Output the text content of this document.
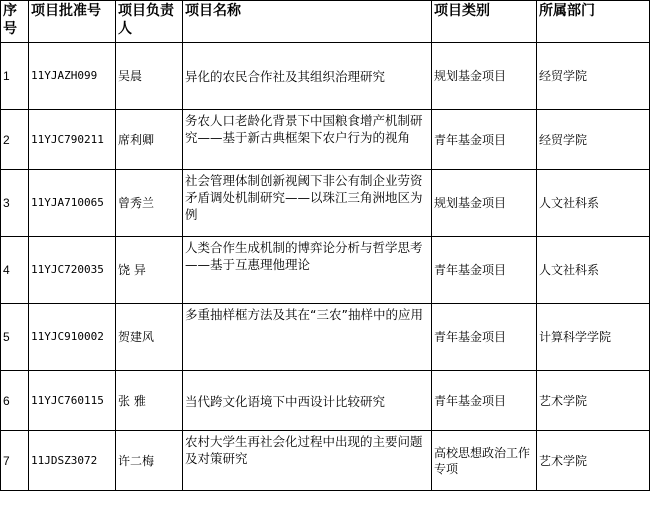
序号	项目批准号	项目负责人	项目名称	项目类别	所属部门
1	11YJAZH099	吴晨	异化的农民合作社及其组织治理研究	规划基金项目	经贸学院
2	11YJC790211	席利卿	务农人口老龄化背景下中国粮食增产机制研究——基于新古典框架下农户行为的视角	青年基金项目	经贸学院
3	11YJA710065	曾秀兰	社会管理体制创新视阈下非公有制企业劳资矛盾调处机制研究——以珠江三角洲地区为例	规划基金项目	人文社科系
4	11YJC720035	饶 异	人类合作生成机制的博弈论分析与哲学思考——基于互惠理他理论	青年基金项目	人文社科系
5	11YJC910002	贺建风	多重抽样框方法及其在“三农”抽样中的应用	青年基金项目	计算科学学院
6	11YJC760115	张 雅	当代跨文化语境下中西设计比较研究	青年基金项目	艺术学院
7	11JDSZ3072	许二梅	农村大学生再社会化过程中出现的主要问题及对策研究	高校思想政治工作专项	艺术学院
